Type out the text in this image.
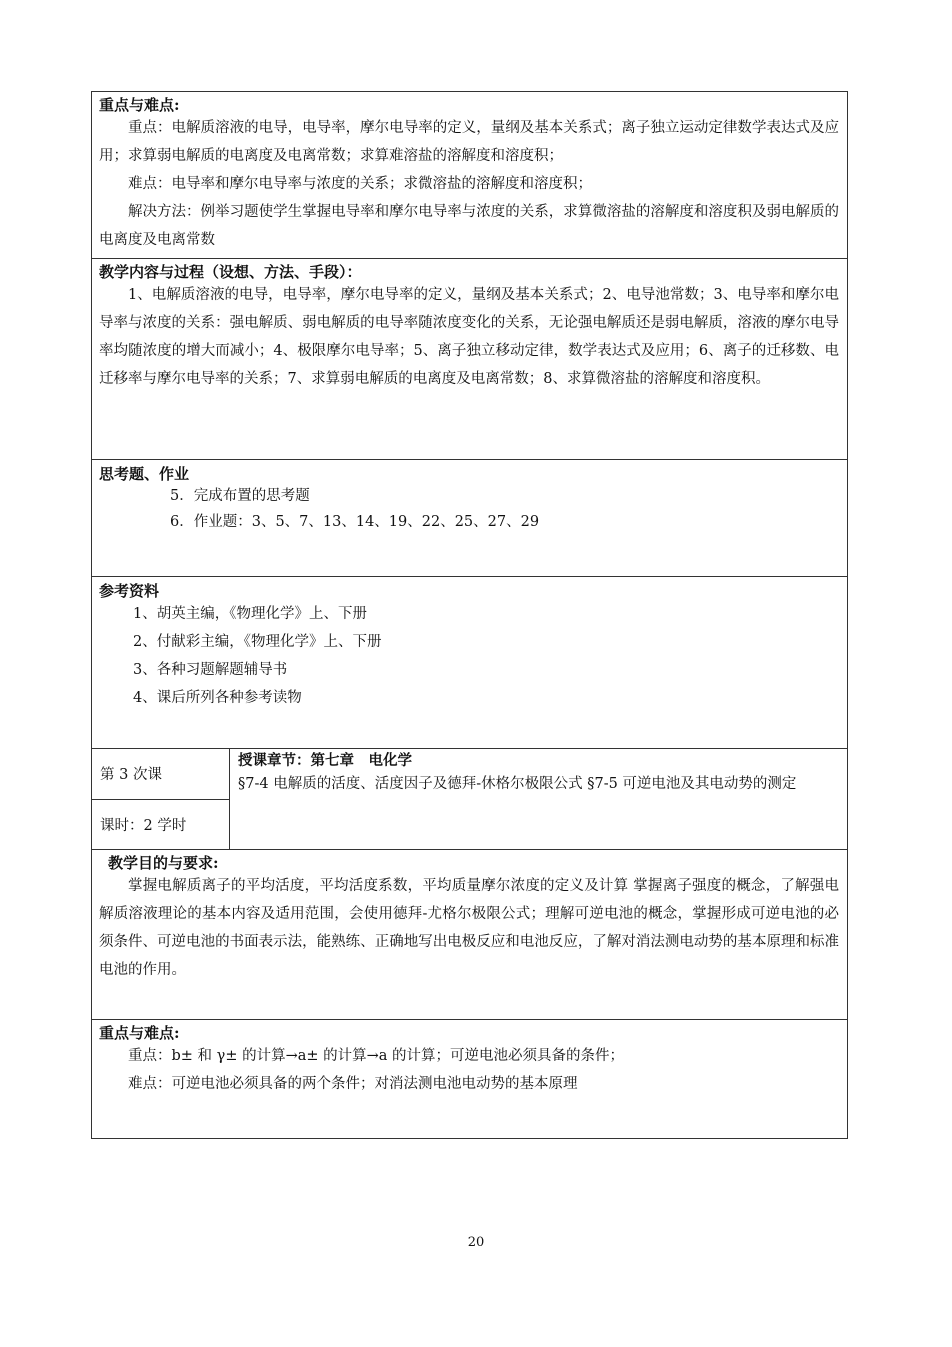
重点与难点:
重点：电解质溶液的电导，电导率，摩尔电导率的定义，量纲及基本关系式；离子独立运动定律数学表达式及应用；求算弱电解质的电离度及电离常数；求算难溶盐的溶解度和溶度积；
难点：电导率和摩尔电导率与浓度的关系；求微溶盐的溶解度和溶度积；
解决方法：例举习题使学生掌握电导率和摩尔电导率与浓度的关系，求算微溶盐的溶解度和溶度积及弱电解质的电离度及电离常数
教学内容与过程（设想、方法、手段）：
1、电解质溶液的电导，电导率，摩尔电导率的定义，量纲及基本关系式；2、电导池常数；3、电导率和摩尔电导率与浓度的关系：强电解质、弱电解质的电导率随浓度变化的关系，无论强电解质还是弱电解质，溶液的摩尔电导率均随浓度的增大而减小；4、极限摩尔电导率；5、离子独立移动定律，数学表达式及应用；6、离子的迁移数、电迁移率与摩尔电导率的关系；7、求算弱电解质的电离度及电离常数；8、求算微溶盐的溶解度和溶度积。
思考题、作业
5．完成布置的思考题
6．作业题：3、5、7、13、14、19、22、25、27、29
参考资料
1、胡英主编，《物理化学》上、下册
2、付献彩主编，《物理化学》上、下册
3、各种习题解题辅导书
4、课后所列各种参考读物
第 3 次课
课时：2 学时
授课章节：第七章　电化学
§7-4 电解质的活度、活度因子及德拜-休格尔极限公式 §7-5 可逆电池及其电动势的测定
教学目的与要求:
掌握电解质离子的平均活度，平均活度系数，平均质量摩尔浓度的定义及计算 掌握离子强度的概念，了解强电解质溶液理论的基本内容及适用范围，会使用德拜-尤格尔极限公式；理解可逆电池的概念，掌握形成可逆电池的必须条件、可逆电池的书面表示法，能熟练、正确地写出电极反应和电池反应，了解对消法测电动势的基本原理和标准电池的作用。
重点与难点:
重点：b± 和 γ± 的计算→a± 的计算→a 的计算；可逆电池必须具备的条件；
难点：可逆电池必须具备的两个条件；对消法测电池电动势的基本原理
20
